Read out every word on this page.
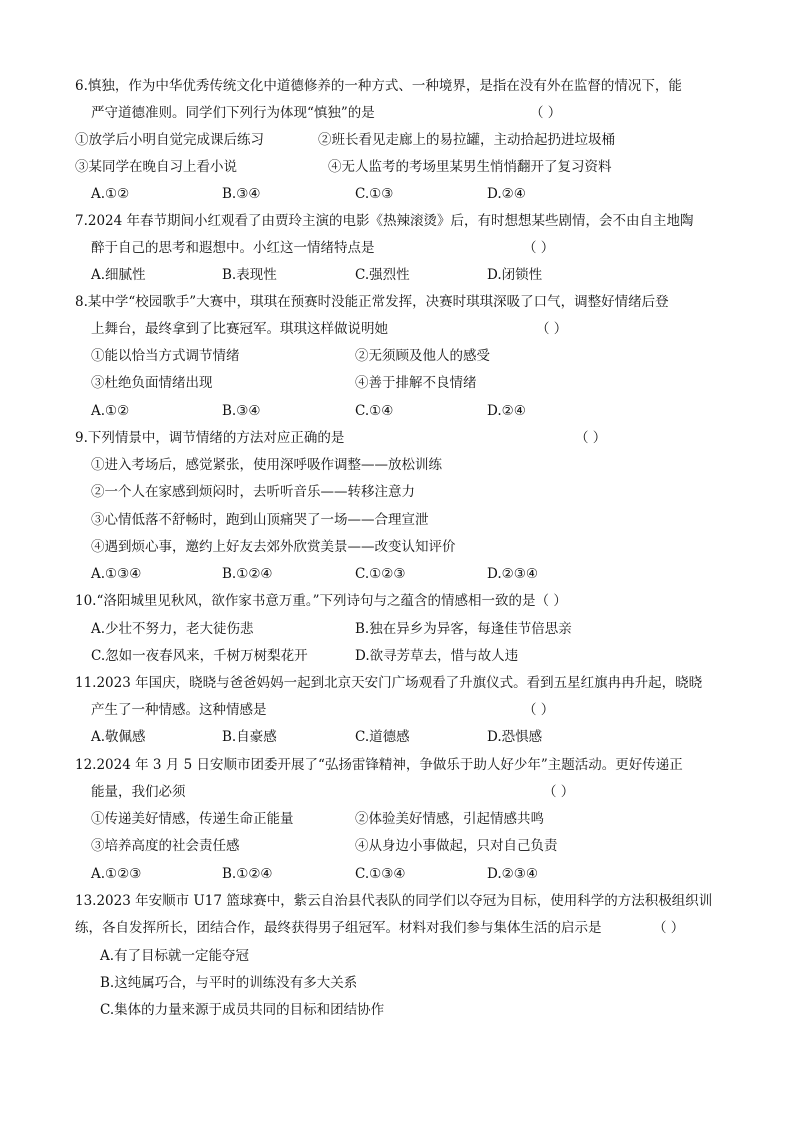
6.慎独，作为中华优秀传统文化中道德修养的一种方式、一种境界，是指在没有外在监督的情况下，能
严守道德准则。同学们下列行为体现“慎独”的是	（ ）
①放学后小明自觉完成课后练习	②班长看见走廊上的易拉罐，主动拾起扔进垃圾桶
③某同学在晚自习上看小说	④无人监考的考场里某男生悄悄翻开了复习资料
A.①②	B.③④	C.①③	D.②④
7.2024 年春节期间小红观看了由贾玲主演的电影《热辣滚烫》后，有时想想某些剧情，会不由自主地陶
醉于自己的思考和遐想中。小红这一情绪特点是	（ ）
A.细腻性	B.表现性	C.强烈性	D.闭锁性
8.某中学“校园歌手”大赛中，琪琪在预赛时没能正常发挥，决赛时琪琪深吸了口气，调整好情绪后登
上舞台，最终拿到了比赛冠军。琪琪这样做说明她	（ ）
①能以恰当方式调节情绪	②无须顾及他人的感受
③杜绝负面情绪出现	④善于排解不良情绪
A.①②	B.③④	C.①④	D.②④
9.下列情景中，调节情绪的方法对应正确的是	（ ）
①进入考场后，感觉紧张，使用深呼吸作调整——放松训练
②一个人在家感到烦闷时，去听听音乐——转移注意力
③心情低落不舒畅时，跑到山顶痛哭了一场——合理宣泄
④遇到烦心事，邀约上好友去郊外欣赏美景——改变认知评价
A.①③④	B.①②④	C.①②③	D.②③④
10.“洛阳城里见秋风，欲作家书意万重。”下列诗句与之蕴含的情感相一致的是（ ）
A.少壮不努力，老大徒伤悲	B.独在异乡为异客，每逢佳节倍思亲
C.忽如一夜春风来，千树万树梨花开	D.欲寻芳草去，惜与故人违
11.2023 年国庆，晓晓与爸爸妈妈一起到北京天安门广场观看了升旗仪式。看到五星红旗冉冉升起，晓晓
产生了一种情感。这种情感是	（ ）
A.敬佩感	B.自豪感	C.道德感	D.恐惧感
12.2024 年 3 月 5 日安顺市团委开展了“弘扬雷锋精神，争做乐于助人好少年”主题活动。更好传递正
能量，我们必须	（ ）
①传递美好情感，传递生命正能量	②体验美好情感，引起情感共鸣
③培养高度的社会责任感	④从身边小事做起，只对自己负责
A.①②③	B.①②④	C.①③④	D.②③④
13.2023 年安顺市 U17 篮球赛中，紫云自治县代表队的同学们以夺冠为目标，使用科学的方法积极组织训
练，各自发挥所长，团结合作，最终获得男子组冠军。材料对我们参与集体生活的启示是	（ ）
A.有了目标就一定能夺冠
B.这纯属巧合，与平时的训练没有多大关系
C.集体的力量来源于成员共同的目标和团结协作
